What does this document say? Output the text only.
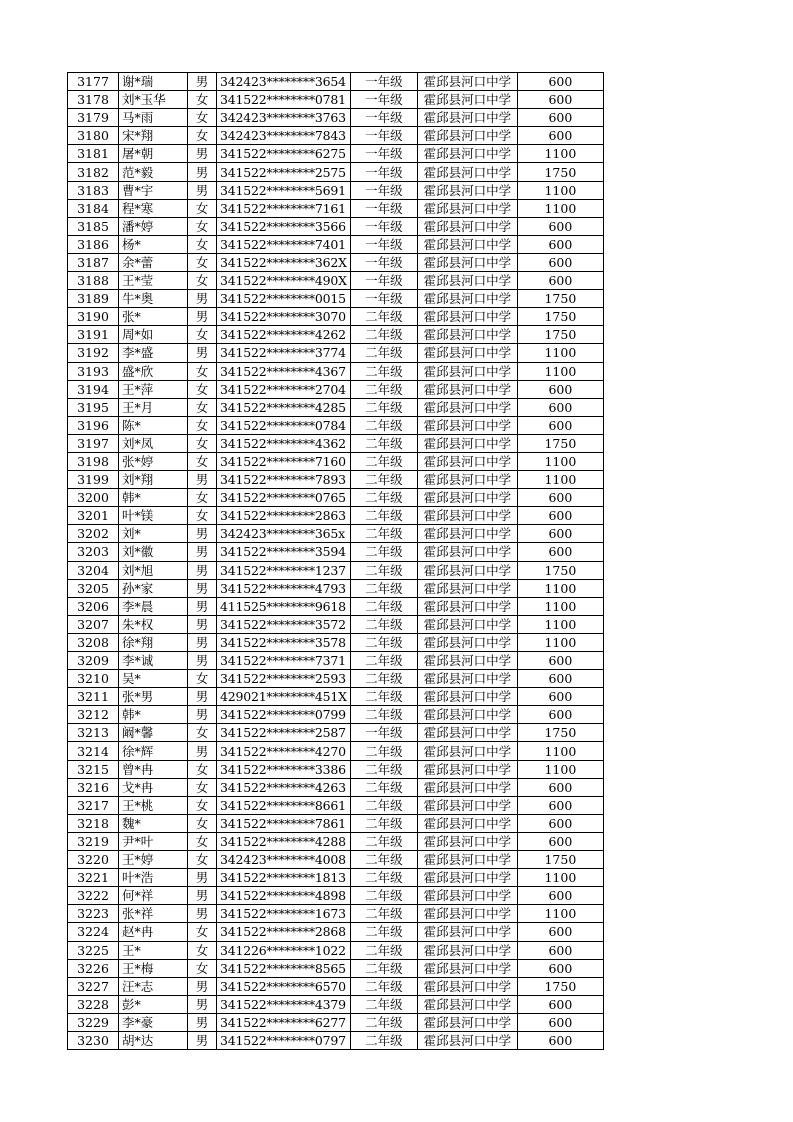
3177	谢*瑞	男	342423********3654	一年级	霍邱县河口中学	600
3178	刘*玉华	女	341522********0781	一年级	霍邱县河口中学	600
3179	马*雨	女	342423********3763	一年级	霍邱县河口中学	600
3180	宋*翔	女	342423********7843	一年级	霍邱县河口中学	600
3181	屠*朝	男	341522********6275	一年级	霍邱县河口中学	1100
3182	范*毅	男	341522********2575	一年级	霍邱县河口中学	1750
3183	曹*宇	男	341522********5691	一年级	霍邱县河口中学	1100
3184	程*寒	女	341522********7161	一年级	霍邱县河口中学	1100
3185	潘*婷	女	341522********3566	一年级	霍邱县河口中学	600
3186	杨*	女	341522********7401	一年级	霍邱县河口中学	600
3187	余*蕾	女	341522********362X	一年级	霍邱县河口中学	600
3188	王*莹	女	341522********490X	一年级	霍邱县河口中学	600
3189	牛*奥	男	341522********0015	一年级	霍邱县河口中学	1750
3190	张*	男	341522********3070	二年级	霍邱县河口中学	1750
3191	周*如	女	341522********4262	二年级	霍邱县河口中学	1750
3192	李*盛	男	341522********3774	二年级	霍邱县河口中学	1100
3193	盛*欣	女	341522********4367	二年级	霍邱县河口中学	1100
3194	王*萍	女	341522********2704	二年级	霍邱县河口中学	600
3195	王*月	女	341522********4285	二年级	霍邱县河口中学	600
3196	陈*	女	341522********0784	二年级	霍邱县河口中学	600
3197	刘*凤	女	341522********4362	二年级	霍邱县河口中学	1750
3198	张*婷	女	341522********7160	二年级	霍邱县河口中学	1100
3199	刘*翔	男	341522********7893	二年级	霍邱县河口中学	1100
3200	韩*	女	341522********0765	二年级	霍邱县河口中学	600
3201	叶*镁	女	341522********2863	二年级	霍邱县河口中学	600
3202	刘*	男	342423********365x	二年级	霍邱县河口中学	600
3203	刘*徽	男	341522********3594	二年级	霍邱县河口中学	600
3204	刘*旭	男	341522********1237	二年级	霍邱县河口中学	1750
3205	孙*家	男	341522********4793	二年级	霍邱县河口中学	1100
3206	李*晨	男	411525********9618	二年级	霍邱县河口中学	1100
3207	朱*权	男	341522********3572	二年级	霍邱县河口中学	1100
3208	徐*翔	男	341522********3578	二年级	霍邱县河口中学	1100
3209	李*诚	男	341522********7371	二年级	霍邱县河口中学	600
3210	吴*	女	341522********2593	二年级	霍邱县河口中学	600
3211	张*男	男	429021********451X	二年级	霍邱县河口中学	600
3212	韩*	男	341522********0799	二年级	霍邱县河口中学	600
3213	阚*馨	女	341522********2587	一年级	霍邱县河口中学	1750
3214	徐*辉	男	341522********4270	二年级	霍邱县河口中学	1100
3215	曾*冉	女	341522********3386	二年级	霍邱县河口中学	1100
3216	戈*冉	女	341522********4263	二年级	霍邱县河口中学	600
3217	王*桃	女	341522********8661	二年级	霍邱县河口中学	600
3218	魏*	女	341522********7861	二年级	霍邱县河口中学	600
3219	尹*叶	女	341522********4288	二年级	霍邱县河口中学	600
3220	王*婷	女	342423********4008	二年级	霍邱县河口中学	1750
3221	叶*浩	男	341522********1813	二年级	霍邱县河口中学	1100
3222	何*祥	男	341522********4898	二年级	霍邱县河口中学	600
3223	张*祥	男	341522********1673	二年级	霍邱县河口中学	1100
3224	赵*冉	女	341522********2868	二年级	霍邱县河口中学	600
3225	王*	女	341226********1022	二年级	霍邱县河口中学	600
3226	王*梅	女	341522********8565	二年级	霍邱县河口中学	600
3227	汪*志	男	341522********6570	二年级	霍邱县河口中学	1750
3228	彭*	男	341522********4379	二年级	霍邱县河口中学	600
3229	李*豪	男	341522********6277	二年级	霍邱县河口中学	600
3230	胡*达	男	341522********0797	二年级	霍邱县河口中学	600
